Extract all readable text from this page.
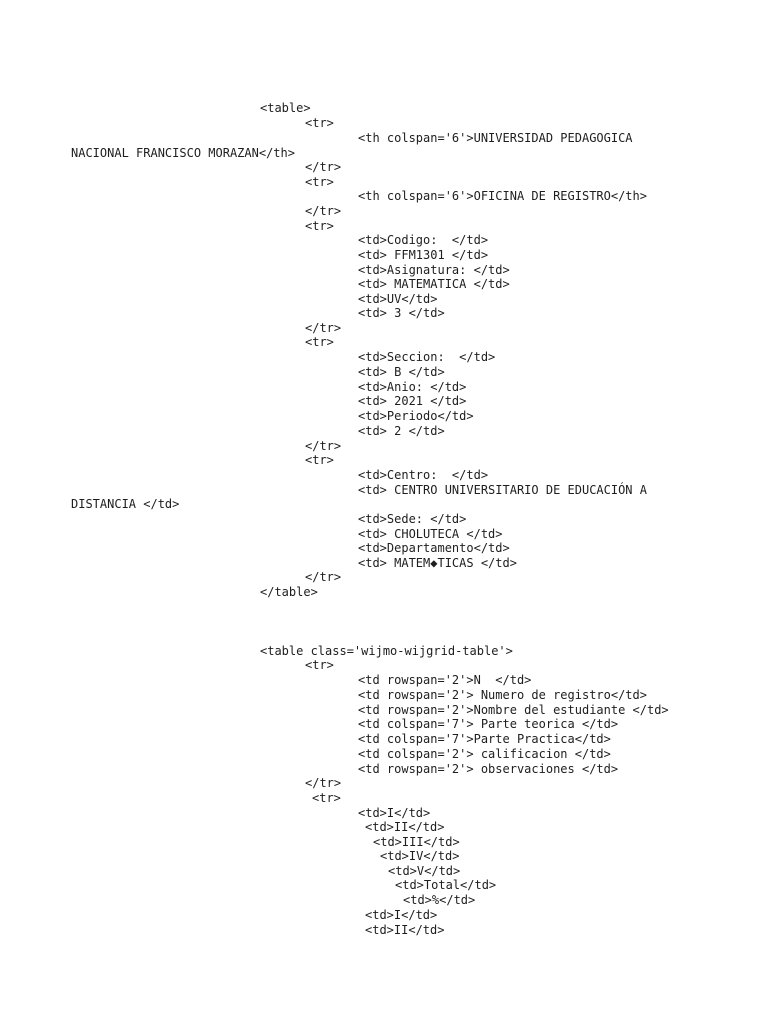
<table>
<tr>
<th colspan='6'>UNIVERSIDAD PEDAGOGICA
NACIONAL FRANCISCO MORAZAN</th>
</tr>
<tr>
<th colspan='6'>OFICINA DE REGISTRO</th>
</tr>
<tr>
<td>Codigo:  </td>
<td> FFM1301 </td>
<td>Asignatura: </td>
<td> MATEMATICA </td>
<td>UV</td>
<td> 3 </td>
</tr>
<tr>
<td>Seccion:  </td>
<td> B </td>
<td>Anio: </td>
<td> 2021 </td>
<td>Periodo</td>
<td> 2 </td>
</tr>
<tr>
<td>Centro:  </td>
<td> CENTRO UNIVERSITARIO DE EDUCACIÓN A
DISTANCIA </td>
<td>Sede: </td>
<td> CHOLUTECA </td>
<td>Departamento</td>
<td> MATEM◆TICAS </td>
</tr>
</table>
<table class='wijmo-wijgrid-table'>
<tr>
<td rowspan='2'>N  </td>
<td rowspan='2'> Numero de registro</td>
<td rowspan='2'>Nombre del estudiante </td>
<td colspan='7'> Parte teorica </td>
<td colspan='7'>Parte Practica</td>
<td colspan='2'> calificacion </td>
<td rowspan='2'> observaciones </td>
</tr>
<tr>
<td>I</td>
<td>II</td>
<td>III</td>
<td>IV</td>
<td>V</td>
<td>Total</td>
<td>%</td>
<td>I</td>
<td>II</td>
